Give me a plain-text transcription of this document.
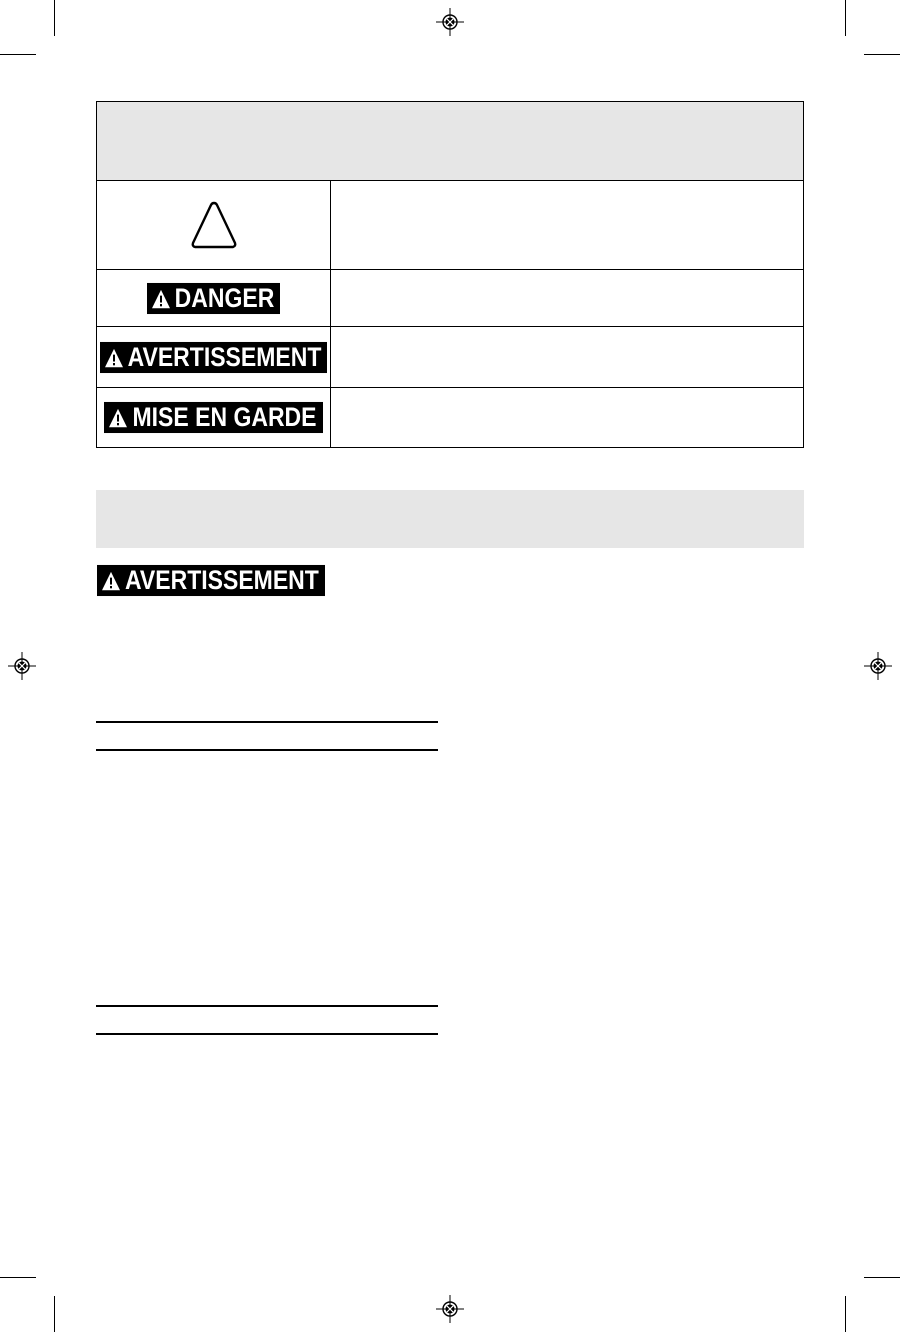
DANGER
AVERTISSEMENT
MISE EN GARDE
AVERTISSEMENT
